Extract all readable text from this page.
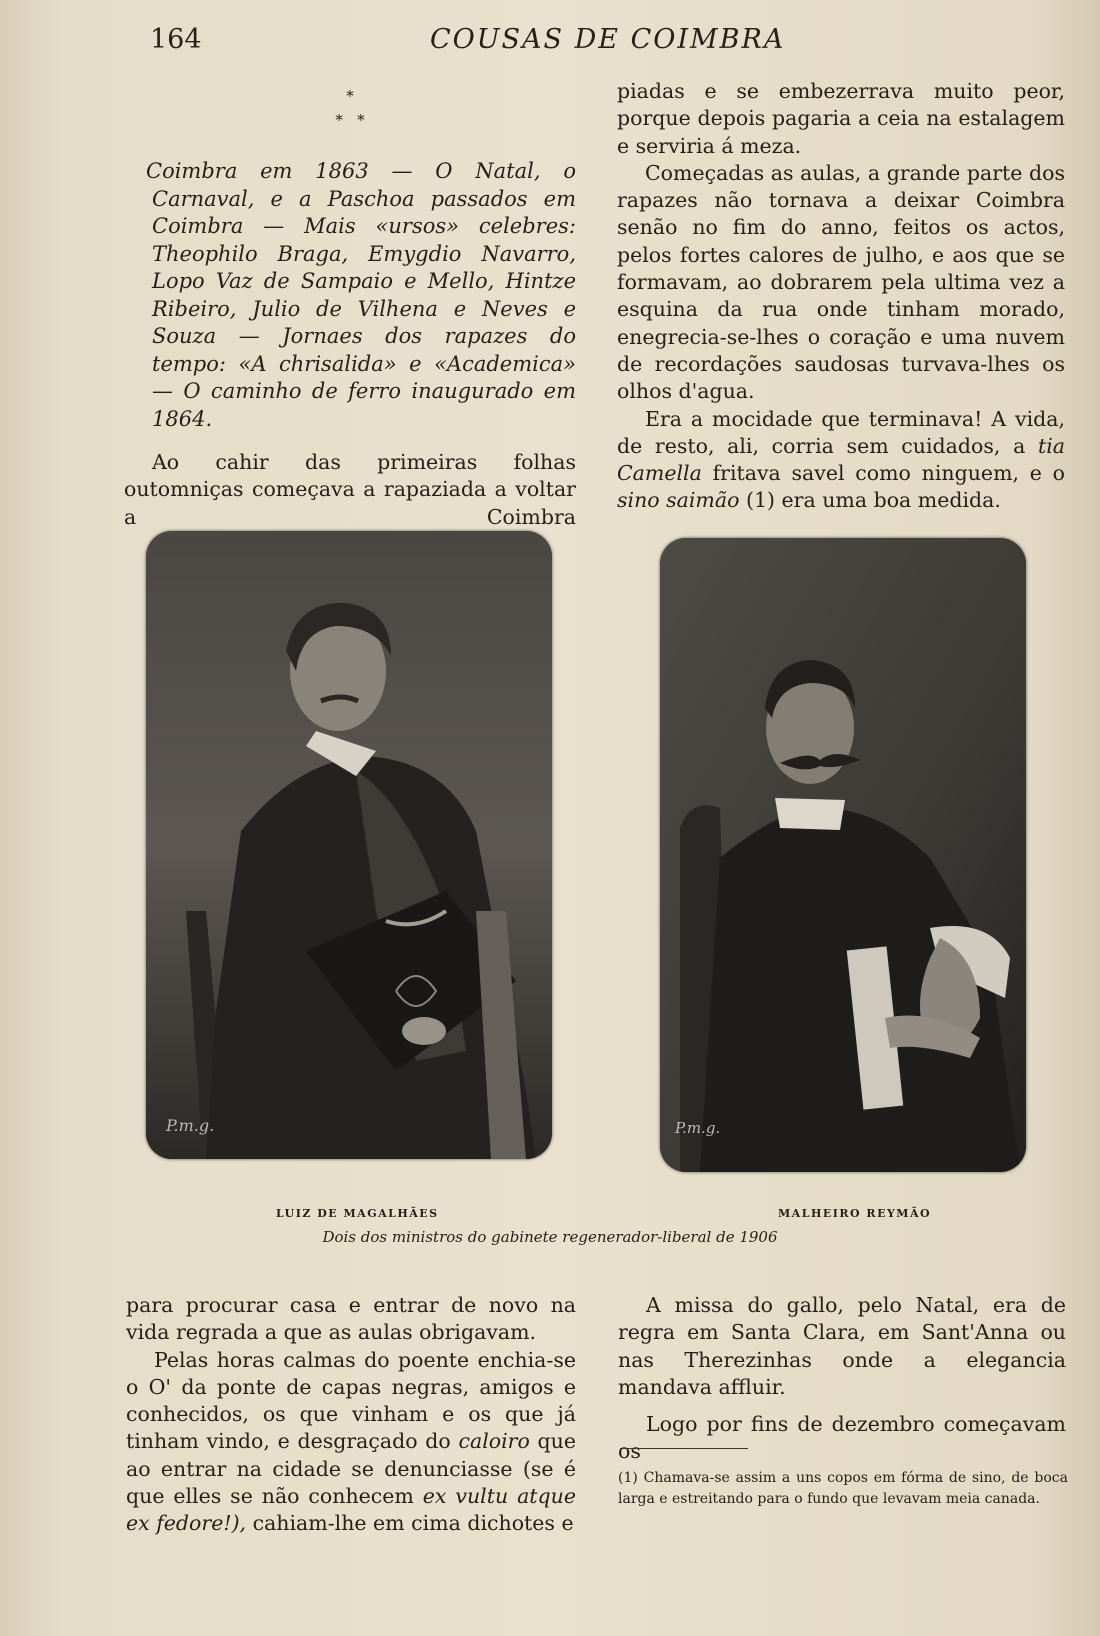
164	COUSAS DE COIMBRA
*
*   *

Coimbra em 1863 — O Natal, o Carnaval, e a Paschoa passados em Coimbra — Mais «ursos» celebres: Theophilo Braga, Emygdio Navarro, Lopo Vaz de Sampaio e Mello, Hintze Ribeiro, Julio de Vilhena e Neves e Souza — Jornaes dos rapazes do tempo: «A chrisalida» e «Academica» — O caminho de ferro inaugurado em 1864.

Ao cahir das primeiras folhas outomniças começava a rapaziada a voltar a Coimbra

piadas e se embezerrava muito peor, porque depois pagaria a ceia na estalagem e serviria á meza.

Começadas as aulas, a grande parte dos rapazes não tornava a deixar Coimbra senão no fim do anno, feitos os actos, pelos fortes calores de julho, e aos que se formavam, ao dobrarem pela ultima vez a esquina da rua onde tinham morado, enegrecia-se-lhes o coração e uma nuvem de recordações saudosas turvava-lhes os olhos d'agua.

Era a mocidade que terminava! A vida, de resto, ali, corria sem cuidados, a tia Camella fritava savel como ninguem, e o sino saimão (1) era uma boa medida.

P.m.g.	P.m.g.
LUIZ DE MAGALHÃES	MALHEIRO REYMÃO
Dois dos ministros do gabinete regenerador-liberal de 1906

para procurar casa e entrar de novo na vida regrada a que as aulas obrigavam.

Pelas horas calmas do poente enchia-se o O' da ponte de capas negras, amigos e conhecidos, os que vinham e os que já tinham vindo, e desgraçado do caloiro que ao entrar na cidade se denunciasse (se é que elles se não conhecem ex vultu atque ex fedore!), cahiam-lhe em cima dichotes e

A missa do gallo, pelo Natal, era de regra em Santa Clara, em Sant'Anna ou nas Therezinhas onde a elegancia mandava affluir.

Logo por fins de dezembro começavam os

(1) Chamava-se assim a uns copos em fórma de sino, de boca larga e estreitando para o fundo que levavam meia canada.
